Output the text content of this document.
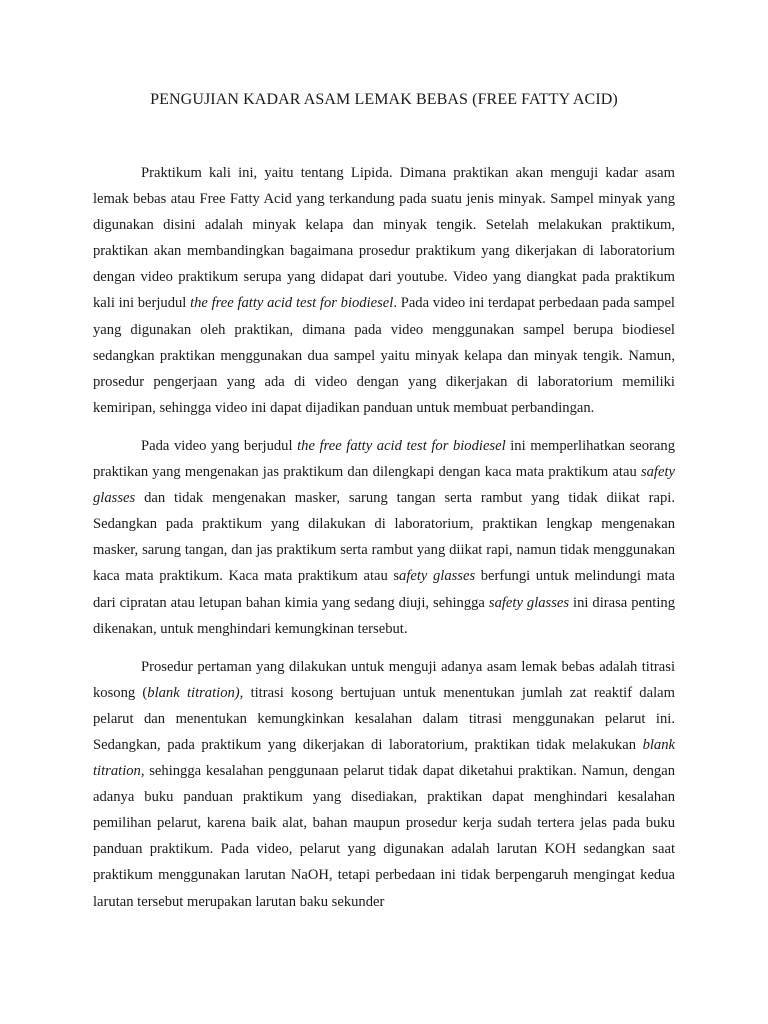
PENGUJIAN KADAR ASAM LEMAK BEBAS (FREE FATTY ACID)

Praktikum kali ini, yaitu tentang Lipida. Dimana praktikan akan menguji kadar asam lemak bebas atau Free Fatty Acid yang terkandung pada suatu jenis minyak. Sampel minyak yang digunakan disini adalah minyak kelapa dan minyak tengik. Setelah melakukan praktikum, praktikan akan membandingkan bagaimana prosedur praktikum yang dikerjakan di laboratorium dengan video praktikum serupa yang didapat dari youtube. Video yang diangkat pada praktikum kali ini berjudul the free fatty acid test for biodiesel. Pada video ini terdapat perbedaan pada sampel yang digunakan oleh praktikan, dimana pada video menggunakan sampel berupa biodiesel sedangkan praktikan menggunakan dua sampel yaitu minyak kelapa dan minyak tengik. Namun, prosedur pengerjaan yang ada di video dengan yang dikerjakan di laboratorium memiliki kemiripan, sehingga video ini dapat dijadikan panduan untuk membuat perbandingan.

Pada video yang berjudul the free fatty acid test for biodiesel ini memperlihatkan seorang praktikan yang mengenakan jas praktikum dan dilengkapi dengan kaca mata praktikum atau safety glasses dan tidak mengenakan masker, sarung tangan serta rambut yang tidak diikat rapi. Sedangkan pada praktikum yang dilakukan di laboratorium, praktikan lengkap mengenakan masker, sarung tangan, dan jas praktikum serta rambut yang diikat rapi, namun tidak menggunakan kaca mata praktikum. Kaca mata praktikum atau safety glasses berfungi untuk melindungi mata dari cipratan atau letupan bahan kimia yang sedang diuji, sehingga safety glasses ini dirasa penting dikenakan, untuk menghindari kemungkinan tersebut.

Prosedur pertaman yang dilakukan untuk menguji adanya asam lemak bebas adalah titrasi kosong (blank titration), titrasi kosong bertujuan untuk menentukan jumlah zat reaktif dalam pelarut dan menentukan kemungkinkan kesalahan dalam titrasi menggunakan pelarut ini. Sedangkan, pada praktikum yang dikerjakan di laboratorium, praktikan tidak melakukan blank titration, sehingga kesalahan penggunaan pelarut tidak dapat diketahui praktikan. Namun, dengan adanya buku panduan praktikum yang disediakan, praktikan dapat menghindari kesalahan pemilihan pelarut, karena baik alat, bahan maupun prosedur kerja sudah tertera jelas pada buku panduan praktikum. Pada video, pelarut yang digunakan adalah larutan KOH sedangkan saat praktikum menggunakan larutan NaOH, tetapi perbedaan ini tidak berpengaruh mengingat kedua larutan tersebut merupakan larutan baku sekunder
